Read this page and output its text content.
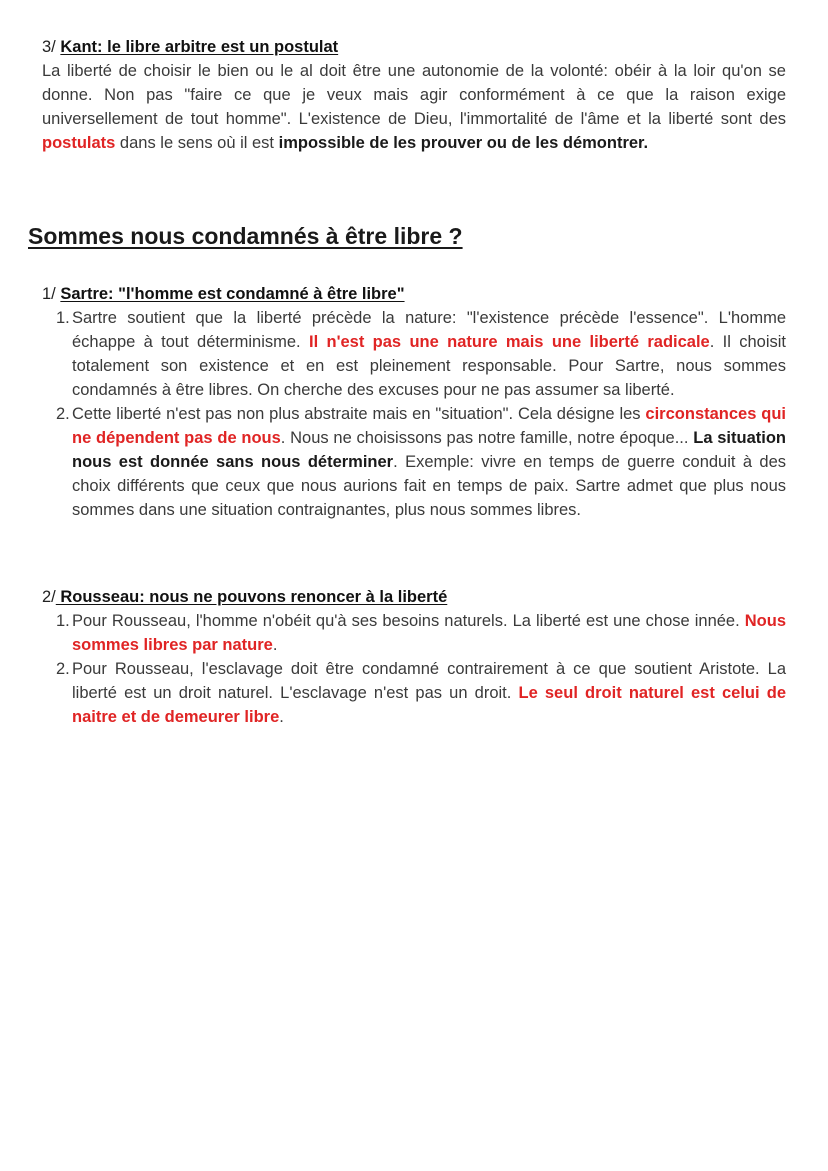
3/ Kant: le libre arbitre est un postulat
La liberté de choisir le bien ou le al doit être une autonomie de la volonté: obéir à la loir qu'on se donne. Non pas "faire ce que je veux mais agir conformément à ce que la raison exige universellement de tout homme". L'existence de Dieu, l'immortalité de l'âme et la liberté sont des postulats dans le sens où il est impossible de les prouver ou de les démontrer.
Sommes nous condamnés à être libre ?
1/ Sartre: "l'homme est condamné à être libre"
1. Sartre soutient que la liberté précède la nature: "l'existence précède l'essence". L'homme échappe à tout déterminisme. Il n'est pas une nature mais une liberté radicale. Il choisit totalement son existence et en est pleinement responsable. Pour Sartre, nous sommes condamnés à être libres. On cherche des excuses pour ne pas assumer sa liberté.
2. Cette liberté n'est pas non plus abstraite mais en "situation". Cela désigne les circonstances qui ne dépendent pas de nous. Nous ne choisissons pas notre famille, notre époque... La situation nous est donnée sans nous déterminer. Exemple: vivre en temps de guerre conduit à des choix différents que ceux que nous aurions fait en temps de paix. Sartre admet que plus nous sommes dans une situation contraignantes, plus nous sommes libres.
2/ Rousseau: nous ne pouvons renoncer à la liberté
1. Pour Rousseau, l'homme n'obéit qu'à ses besoins naturels. La liberté est une chose innée. Nous sommes libres par nature.
2. Pour Rousseau, l'esclavage doit être condamné contrairement à ce que soutient Aristote. La liberté est un droit naturel. L'esclavage n'est pas un droit. Le seul droit naturel est celui de naitre et de demeurer libre.
